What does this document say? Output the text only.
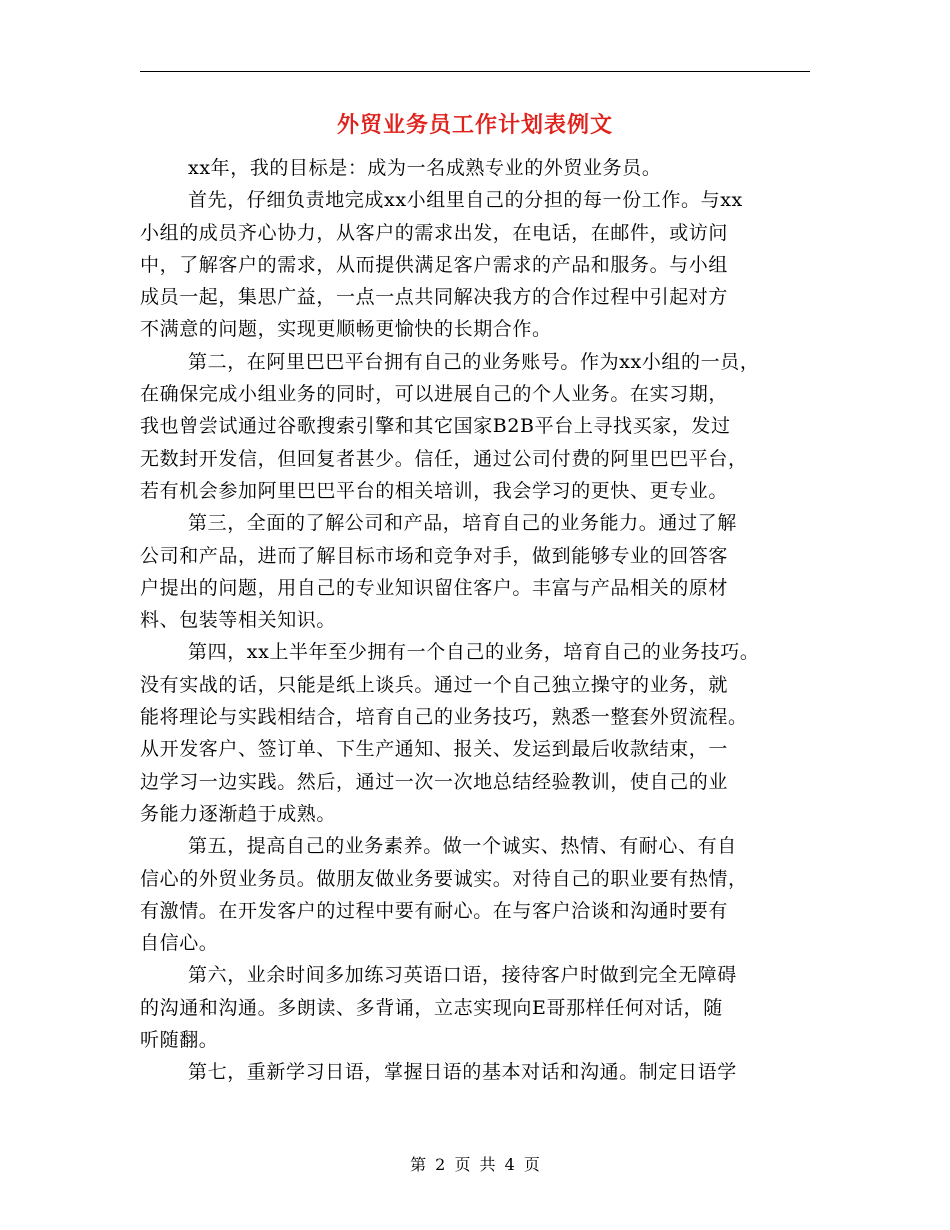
外贸业务员工作计划表例文
xx年，我的目标是：成为一名成熟专业的外贸业务员。
首先，仔细负责地完成xx小组里自己的分担的每一份工作。与xx
小组的成员齐心协力，从客户的需求出发，在电话，在邮件，或访问
中，了解客户的需求，从而提供满足客户需求的产品和服务。与小组
成员一起，集思广益，一点一点共同解决我方的合作过程中引起对方
不满意的问题，实现更顺畅更愉快的长期合作。
第二，在阿里巴巴平台拥有自己的业务账号。作为xx小组的一员，
在确保完成小组业务的同时，可以进展自己的个人业务。在实习期，
我也曾尝试通过谷歌搜索引擎和其它国家B2B平台上寻找买家，发过
无数封开发信，但回复者甚少。信任，通过公司付费的阿里巴巴平台，
若有机会参加阿里巴巴平台的相关培训，我会学习的更快、更专业。
第三，全面的了解公司和产品，培育自己的业务能力。通过了解
公司和产品，进而了解目标市场和竞争对手，做到能够专业的回答客
户提出的问题，用自己的专业知识留住客户。丰富与产品相关的原材
料、包装等相关知识。
第四，xx上半年至少拥有一个自己的业务，培育自己的业务技巧。
没有实战的话，只能是纸上谈兵。通过一个自己独立操守的业务，就
能将理论与实践相结合，培育自己的业务技巧，熟悉一整套外贸流程。
从开发客户、签订单、下生产通知、报关、发运到最后收款结束，一
边学习一边实践。然后，通过一次一次地总结经验教训，使自己的业
务能力逐渐趋于成熟。
第五，提高自己的业务素养。做一个诚实、热情、有耐心、有自
信心的外贸业务员。做朋友做业务要诚实。对待自己的职业要有热情，
有激情。在开发客户的过程中要有耐心。在与客户洽谈和沟通时要有
自信心。
第六，业余时间多加练习英语口语，接待客户时做到完全无障碍
的沟通和沟通。多朗读、多背诵，立志实现向E哥那样任何对话，随
听随翻。
第七，重新学习日语，掌握日语的基本对话和沟通。制定日语学
第 2 页 共 4 页
